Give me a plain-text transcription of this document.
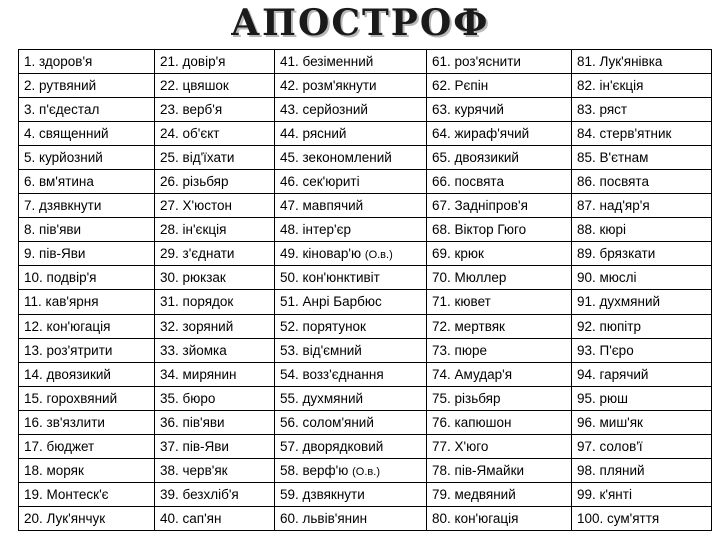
АПОСТРОФ
1. здоров'я	21. довір'я	41. безіменний	61. роз'яснити	81. Лук'янівка
2. рутвяний	22. цвяшок	42. розм'якнути	62. Рєпін	82. ін'єкція
3. п'єдестал	23. верб'я	43. серйозний	63. курячий	83. ряст
4. священний	24. об'єкт	44. рясний	64. жираф'ячий	84. стерв'ятник
5. курйозний	25. від'їхати	45. зекономлений	65. двоязикий	85. В'єтнам
6. вм'ятина	26. різьбяр	46. сек'юриті	66. посвята	86. посвята
7. дзявкнути	27. Х'юстон	47. мавпячий	67. Задніпров'я	87. над'яр'я
8. пів'яви	28. ін'єкція	48. інтер'єр	68. Віктор Гюго	88. кюрі
9. пів-Яви	29. з'єднати	49. кіновар'ю (О.в.)	69. крюк	89. брязкати
10. подвір'я	30. рюкзак	50. кон'юнктивіт	70. Мюллер	90. мюслі
11. кав'ярня	31. порядок	51. Анрі Барбюс	71. кювет	91. духмяний
12. кон'югація	32. зоряний	52. порятунок	72. мертвяк	92. пюпітр
13. роз'ятрити	33. зйомка	53. від'ємний	73. пюре	93. П'єро
14. двоязикий	34. мирянин	54. возз'єднання	74. Амудар'я	94. гарячий
15. горохвяний	35. бюро	55. духмяний	75. різьбяр	95. рюш
16. зв'язлити	36. пів'яви	56. солом'яний	76. капюшон	96. миш'як
17. бюджет	37. пів-Яви	57. дворядковий	77. Х'юго	97. солов'ї
18. моряк	38. черв'як	58. верф'ю (О.в.)	78. пів-Ямайки	98. пляний
19. Монтеск'є	39. безхліб'я	59. дзвякнути	79. медвяний	99. к'янті
20. Лук'янчук	40. сап'ян	60. львів'янин	80. кон'югація	100. сум'яття
